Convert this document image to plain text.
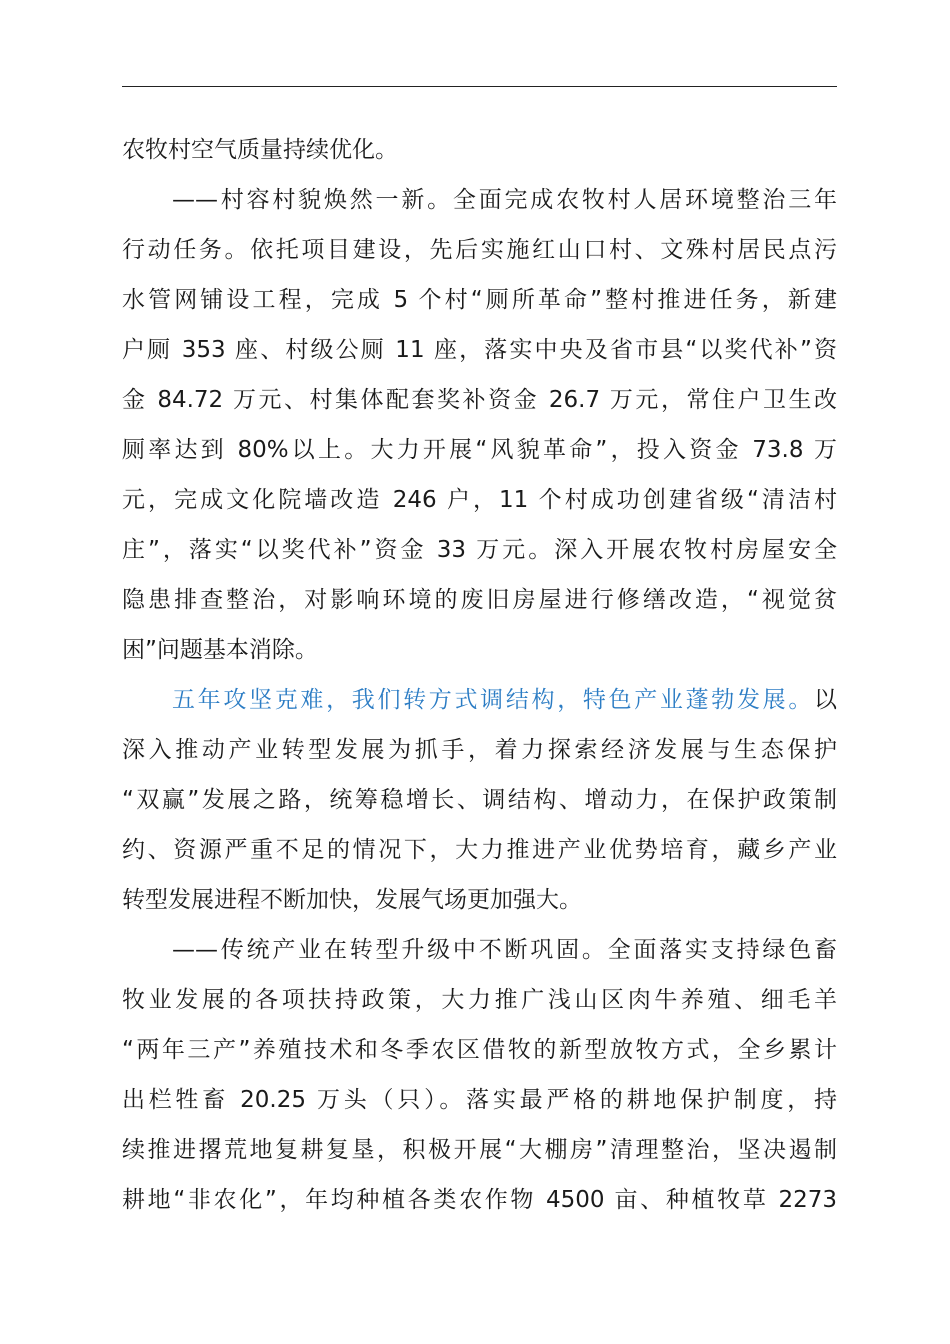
农牧村空气质量持续优化。
——村容村貌焕然一新。全面完成农牧村人居环境整治三年
行动任务。依托项目建设，先后实施红山口村、文殊村居民点污
水管网铺设工程，完成 5 个村“厕所革命”整村推进任务，新建
户厕 353 座、村级公厕 11 座，落实中央及省市县“以奖代补”资
金 84.72 万元、村集体配套奖补资金 26.7 万元，常住户卫生改
厕率达到 80%以上。大力开展“风貌革命”，投入资金 73.8 万
元，完成文化院墙改造 246 户，11 个村成功创建省级“清洁村
庄”，落实“以奖代补”资金 33 万元。深入开展农牧村房屋安全
隐患排查整治，对影响环境的废旧房屋进行修缮改造，“视觉贫
困”问题基本消除。
五年攻坚克难，我们转方式调结构，特色产业蓬勃发展。以
深入推动产业转型发展为抓手，着力探索经济发展与生态保护
“双赢”发展之路，统筹稳增长、调结构、增动力，在保护政策制
约、资源严重不足的情况下，大力推进产业优势培育，藏乡产业
转型发展进程不断加快，发展气场更加强大。
——传统产业在转型升级中不断巩固。全面落实支持绿色畜
牧业发展的各项扶持政策，大力推广浅山区肉牛养殖、细毛羊
“两年三产”养殖技术和冬季农区借牧的新型放牧方式，全乡累计
出栏牲畜 20.25 万头（只）。落实最严格的耕地保护制度，持
续推进撂荒地复耕复垦，积极开展“大棚房”清理整治，坚决遏制
耕地“非农化”，年均种植各类农作物 4500 亩、种植牧草 2273
